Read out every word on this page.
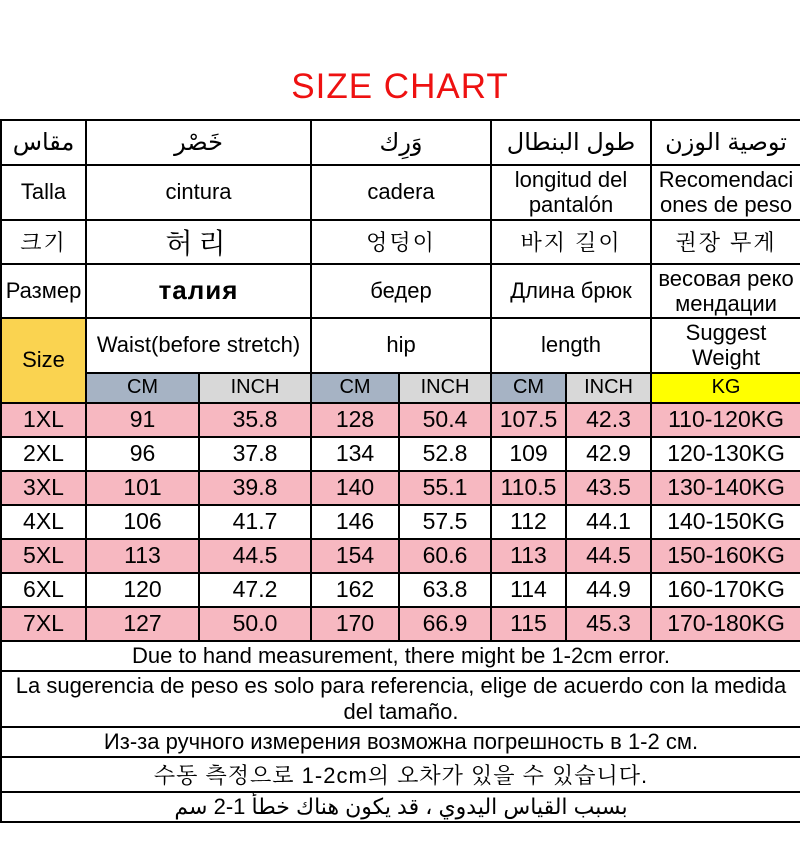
SIZE CHART
مقاس	خَصْر		وَرِك		طول البنطال		توصية الوزن
Talla	cintura		cadera		longitud del pantalón		Recomendaciones de peso
크기	허리		엉덩이		바지 길이		권장 무게
Размер	талия		бедер		Длина брюк		весовая рекомендации
Size	Waist(before stretch)		hip		length		Suggest Weight

	CM	INCH	CM	INCH	CM	INCH	KG
1XL	91	35.8	128	50.4	107.5	42.3	110-120KG
2XL	96	37.8	134	52.8	109	42.9	120-130KG
3XL	101	39.8	140	55.1	110.5	43.5	130-140KG
4XL	106	41.7	146	57.5	112	44.1	140-150KG
5XL	113	44.5	154	60.6	113	44.5	150-160KG
6XL	120	47.2	162	63.8	114	44.9	160-170KG
7XL	127	50.0	170	66.9	115	45.3	170-180KG
Due to hand measurement, there might be 1-2cm error.							
La sugerencia de peso es solo para referencia, elige de acuerdo con la medida del tamaño.							
Из-за ручного измерения возможна погрешность в 1-2 см.							
수동 측정으로 1-2cm의 오차가 있을 수 있습니다.							
بسبب القياس اليدوي ، قد يكون هناك خطأ 1-2 سم							
